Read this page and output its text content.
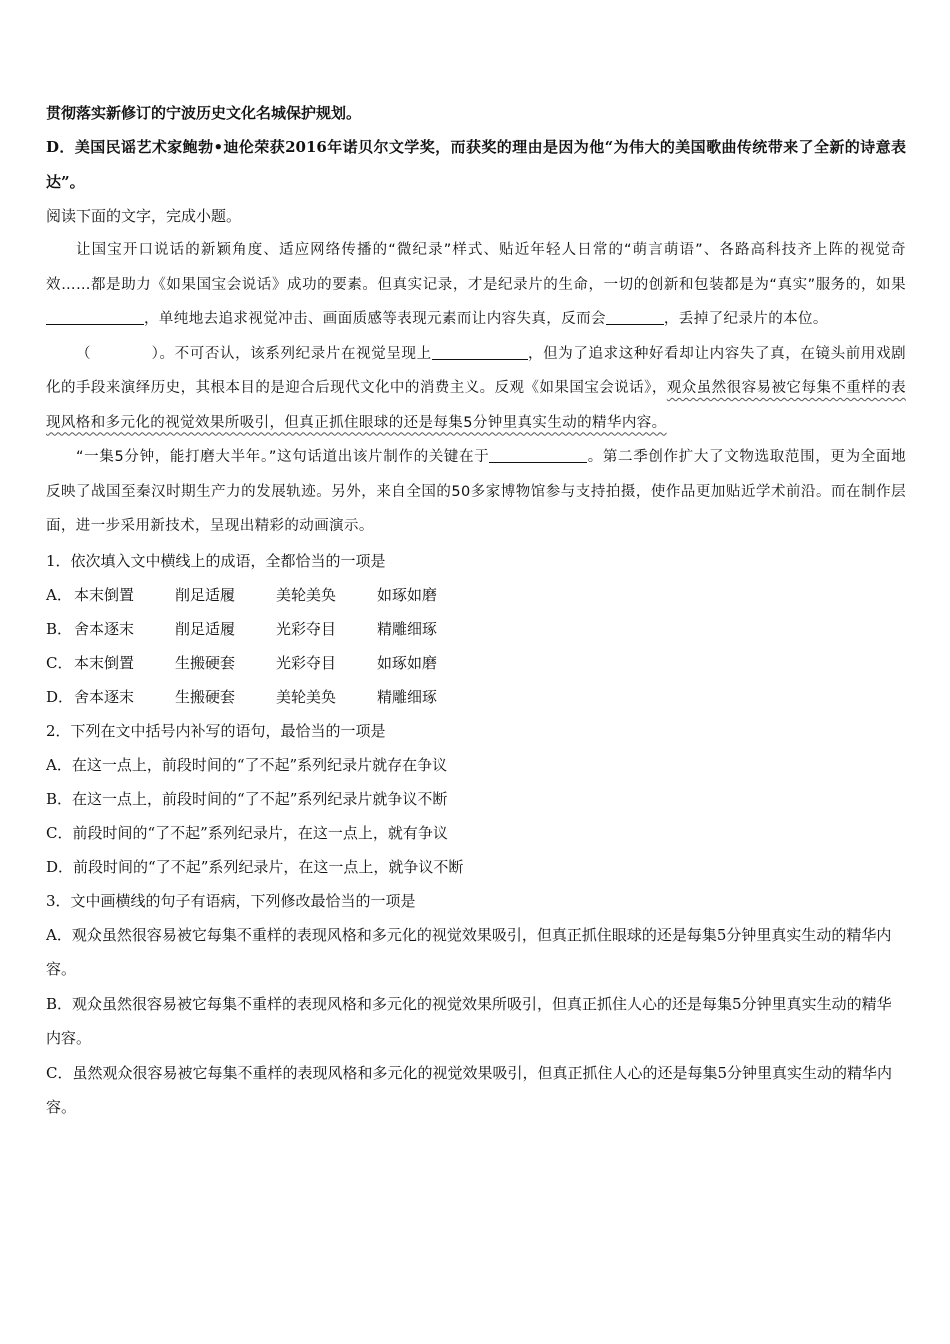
贯彻落实新修订的宁波历史文化名城保护规划。
D．美国民谣艺术家鲍勃•迪伦荣获2016年诺贝尔文学奖，而获奖的理由是因为他“为伟大的美国歌曲传统带来了全新的诗意表达”。
阅读下面的文字，完成小题。
让国宝开口说话的新颖角度、适应网络传播的“微纪录”样式、贴近年轻人日常的“萌言萌语”、各路高科技齐上阵的视觉奇效……都是助力《如果国宝会说话》成功的要素。但真实记录，才是纪录片的生命，一切的创新和包装都是为“真实”服务的，如果，单纯地去追求视觉冲击、画面质感等表现元素而让内容失真，反而会	，丢掉了纪录片的本位。
（　　　　）。不可否认，该系列纪录片在视觉呈现上	，但为了追求这种好看却让内容失了真，在镜头前用戏剧化的手段来演绎历史，其根本目的是迎合后现代文化中的消费主义。反观《如果国宝会说话》，观众虽然很容易被它每集不重样的表现风格和多元化的视觉效果所吸引，但真正抓住眼球的还是每集5分钟里真实生动的精华内容。
“一集5分钟，能打磨大半年。”这句话道出该片制作的关键在于	。第二季创作扩大了文物选取范围，更为全面地反映了战国至秦汉时期生产力的发展轨迹。另外，来自全国的50多家博物馆参与支持拍摄，使作品更加贴近学术前沿。而在制作层面，进一步采用新技术，呈现出精彩的动画演示。
1．依次填入文中横线上的成语，全都恰当的一项是
A． 本末倒置	削足适履	美轮美奂	如琢如磨
B． 舍本逐末	削足适履	光彩夺目	精雕细琢
C． 本末倒置	生搬硬套	光彩夺目	如琢如磨
D． 舍本逐末	生搬硬套	美轮美奂	精雕细琢
2．下列在文中括号内补写的语句，最恰当的一项是
A．在这一点上，前段时间的“了不起”系列纪录片就存在争议
B．在这一点上，前段时间的“了不起”系列纪录片就争议不断
C．前段时间的“了不起”系列纪录片，在这一点上，就有争议
D．前段时间的“了不起”系列纪录片，在这一点上，就争议不断
3．文中画横线的句子有语病，下列修改最恰当的一项是
A．观众虽然很容易被它每集不重样的表现风格和多元化的视觉效果吸引，但真正抓住眼球的还是每集5分钟里真实生动的精华内容。
B．观众虽然很容易被它每集不重样的表现风格和多元化的视觉效果所吸引，但真正抓住人心的还是每集5分钟里真实生动的精华内容。
C．虽然观众很容易被它每集不重样的表现风格和多元化的视觉效果吸引，但真正抓住人心的还是每集5分钟里真实生动的精华内容。
